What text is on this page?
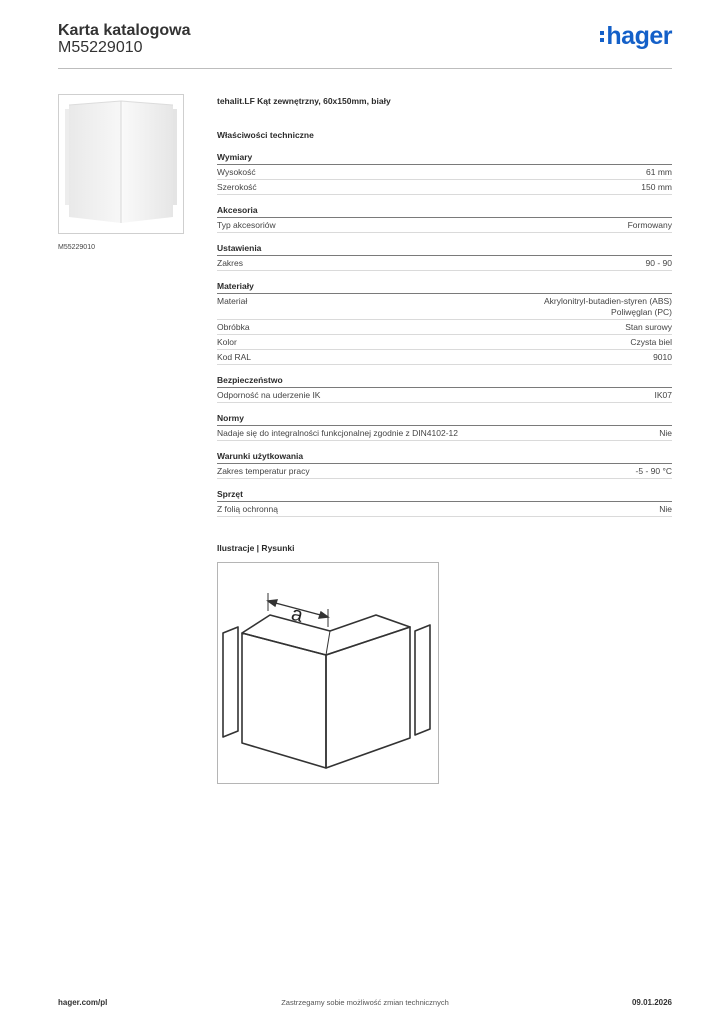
Karta katalogowa
M55229010	hager
M55229010
tehalit.LF Kąt zewnętrzny, 60x150mm, biały
Właściwości techniczne
Wymiary
Wysokość	61 mm
Szerokość	150 mm
Akcesoria
Typ akcesoriów	Formowany
Ustawienia
Zakres	90 - 90
Materiały
Materiał	Akrylonitryl-butadien-styren (ABS)
Poliwęglan (PC)
Obróbka	Stan surowy
Kolor	Czysta biel
Kod RAL	9010
Bezpieczeństwo
Odporność na uderzenie IK	IK07
Normy
Nadaje się do integralności funkcjonalnej zgodnie z DIN4102-12	Nie
Warunki użytkowania
Zakres temperatur pracy	-5 - 90 °C
Sprzęt
Z folią ochronną	Nie
Ilustracje | Rysunki
a
hager.com/pl	Zastrzegamy sobie możliwość zmian technicznych	09.01.2026
